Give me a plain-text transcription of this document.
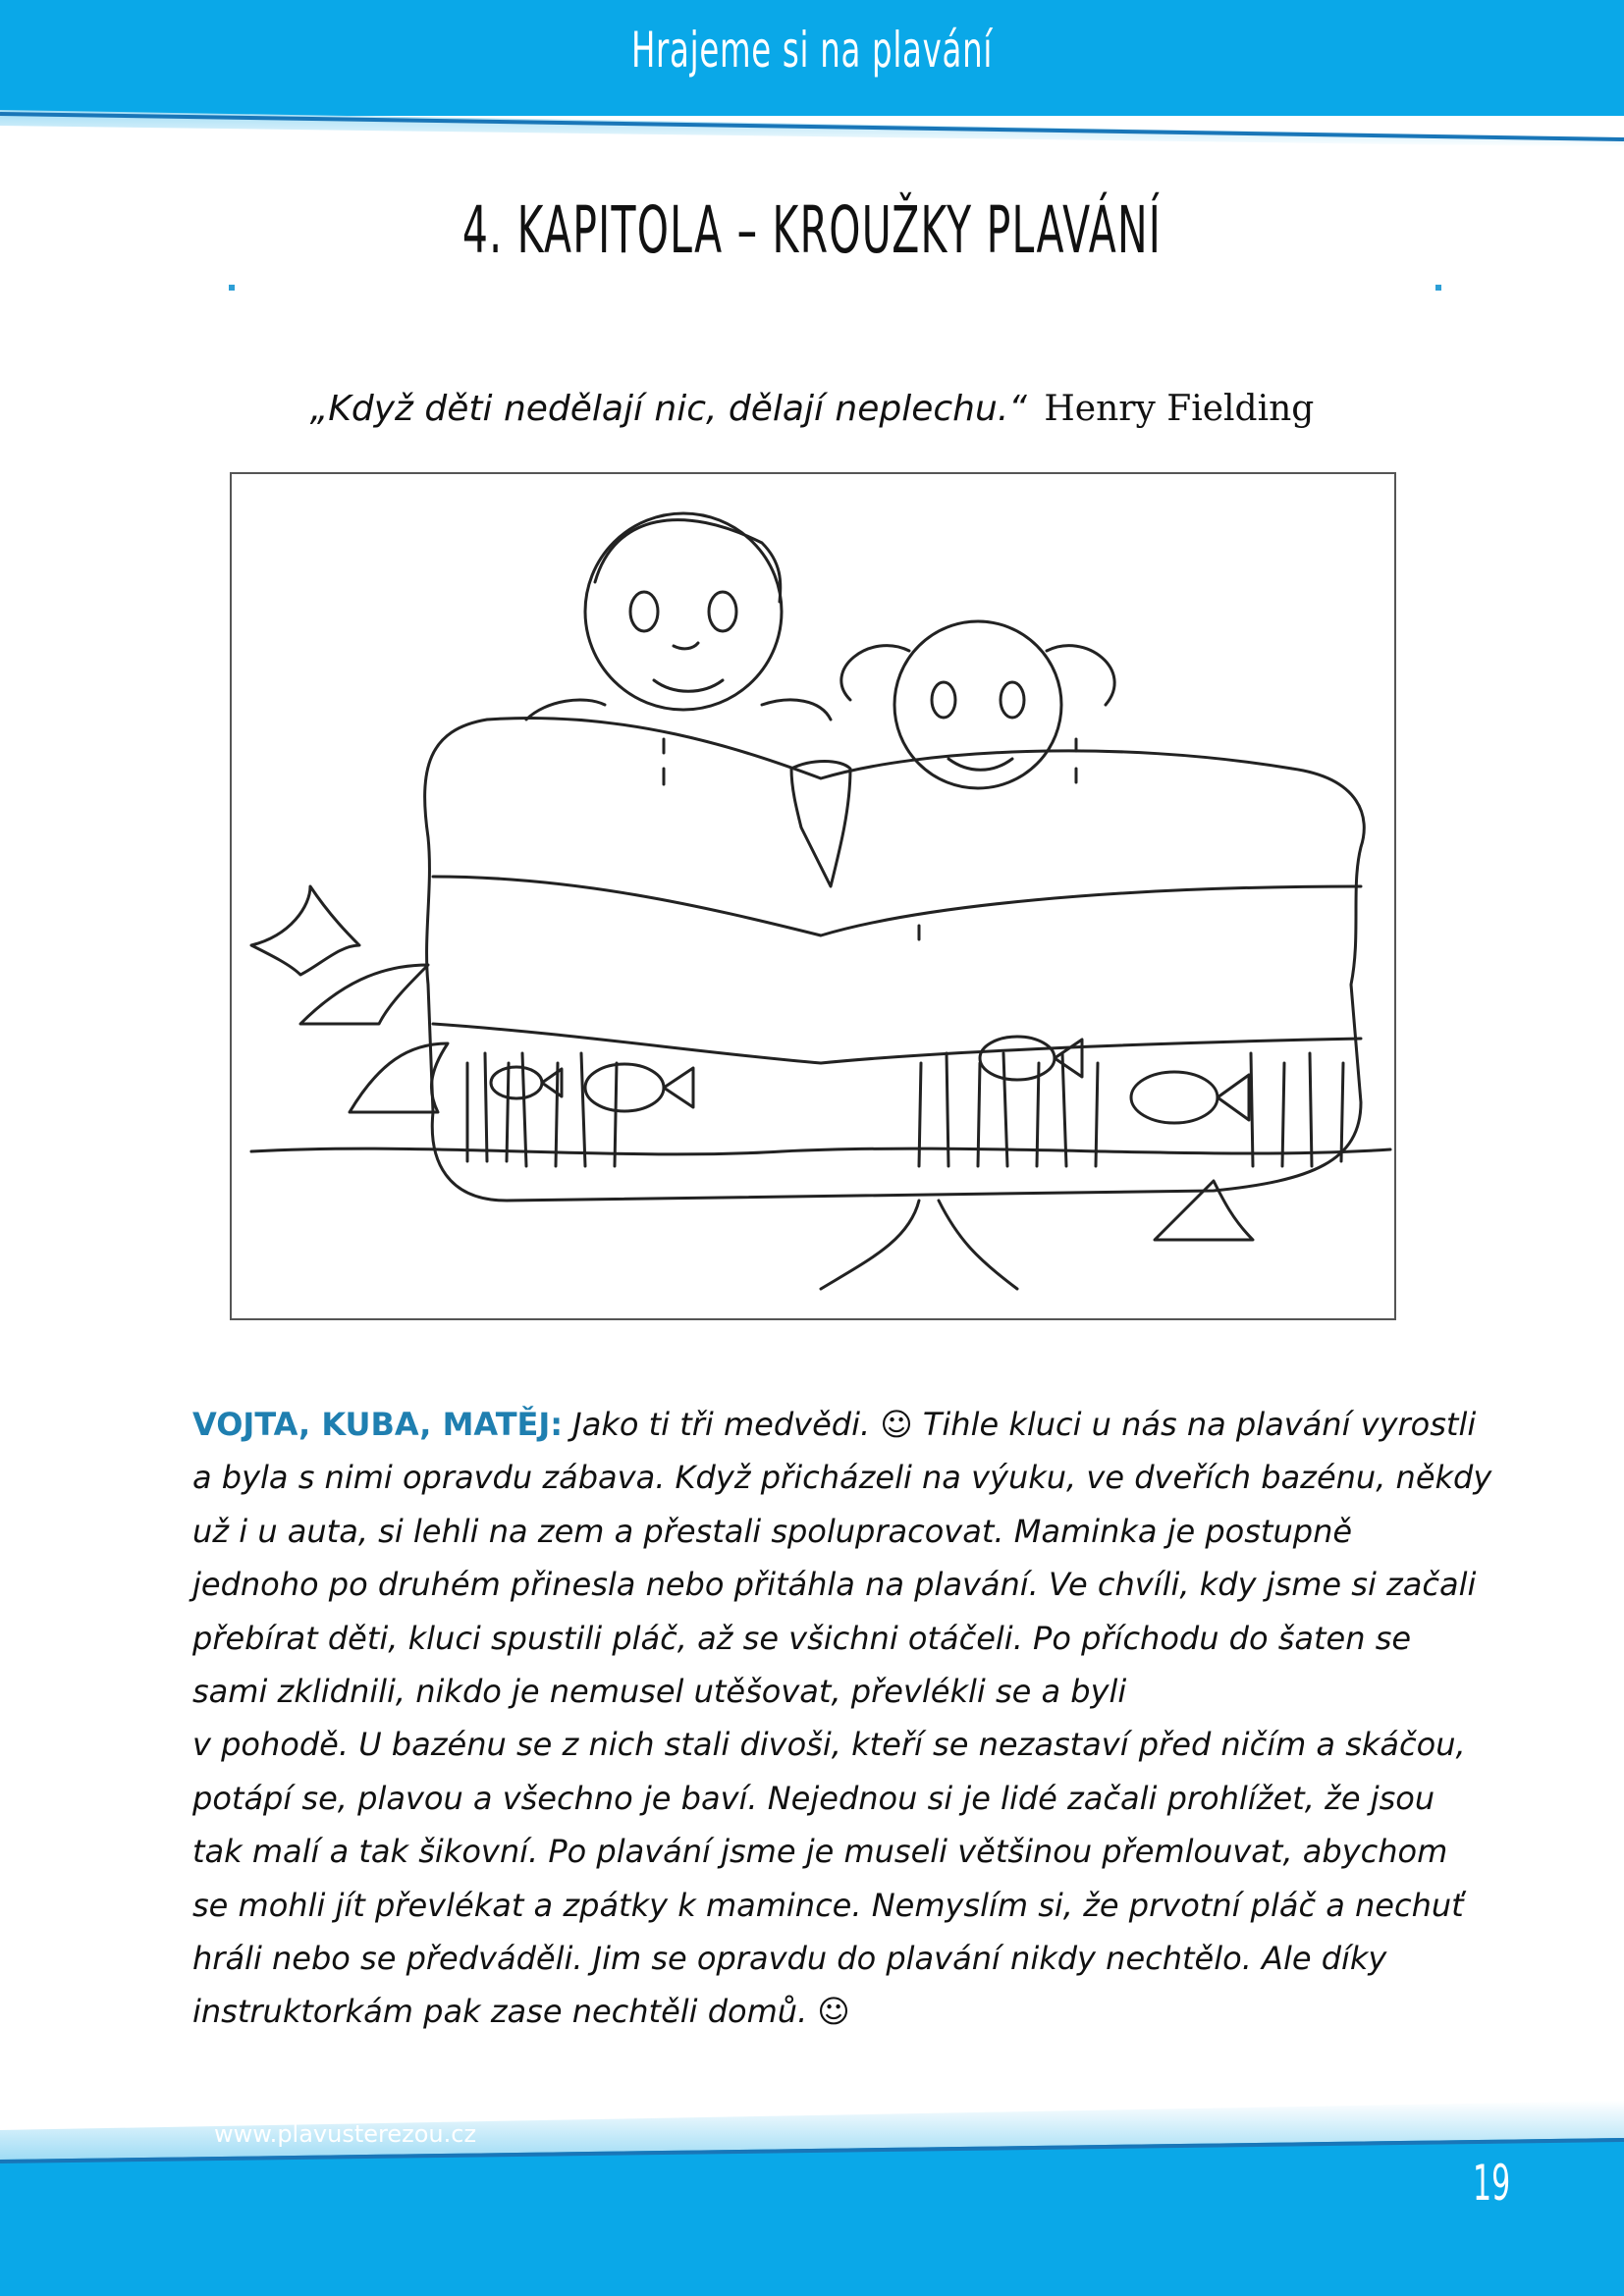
Hrajeme si na plavání
4. KAPITOLA – KROUŽKY PLAVÁNÍ
„Když děti nedělají nic, dělají neplechu.“ Henry Fielding
VOJTA, KUBA, MATĚJ: Jako ti tři medvědi. ☺ Tihle kluci u nás na plavání vyrostli
a byla s nimi opravdu zábava. Když přicházeli na výuku, ve dveřích bazénu, někdy
už i u auta, si lehli na zem a přestali spolupracovat. Maminka je postupně
jednoho po druhém přinesla nebo přitáhla na plavání. Ve chvíli, kdy jsme si začali
přebírat děti, kluci spustili pláč, až se všichni otáčeli. Po příchodu do šaten se
sami zklidnili, nikdo je nemusel utěšovat, převlékli se a byli
v pohodě. U bazénu se z nich stali divoši, kteří se nezastaví před ničím a skáčou,
potápí se, plavou a všechno je baví. Nejednou si je lidé začali prohlížet, že jsou
tak malí a tak šikovní. Po plavání jsme je museli většinou přemlouvat, abychom
se mohli jít převlékat a zpátky k mamince. Nemyslím si, že prvotní pláč a nechuť
hráli nebo se předváděli. Jim se opravdu do plavání nikdy nechtělo. Ale díky
instruktorkám pak zase nechtěli domů. ☺
www.plavusterezou.cz
19
